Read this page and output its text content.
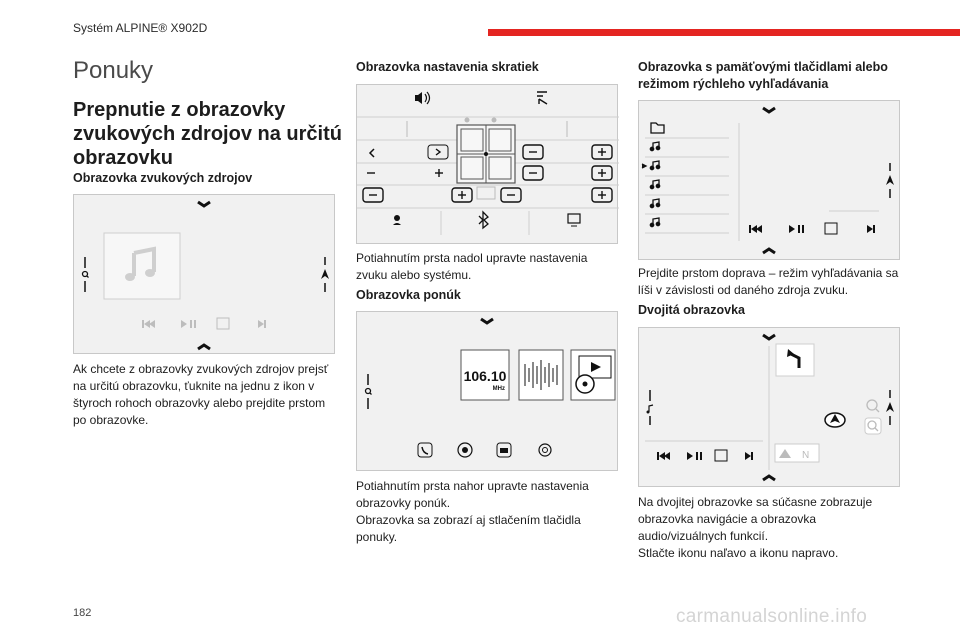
Systém ALPINE® X902D
Ponuky
Prepnutie z obrazovky zvukových zdrojov na určitú obrazovku

Obrazovka zvukových zdrojov

Ak chcete z obrazovky zvukových zdrojov prejsť na určitú obrazovku, ťuknite na jednu z ikon v štyroch rohoch obrazovky alebo prejdite prstom po obrazovke.

Obrazovka nastavenia skratiek

Potiahnutím prsta nadol upravte nastavenia zvuku alebo systému.

Obrazovka ponúk

106.10
MHz

Potiahnutím prsta nahor upravte nastavenia obrazovky ponúk.

Obrazovka sa zobrazí aj stlačením tlačidla ponuky.

Obrazovka s pamäťovými tlačidlami alebo režimom rýchleho vyhľadávania

Prejdite prstom doprava – režim vyhľadávania sa líši v závislosti od daného zdroja zvuku.

Dvojitá obrazovka

N

Na dvojitej obrazovke sa súčasne zobrazuje obrazovka navigácie a obrazovka audio/vizuálnych funkcií.

Stlačte ikonu naľavo a ikonu napravo.

182	carmanualsonline.info
